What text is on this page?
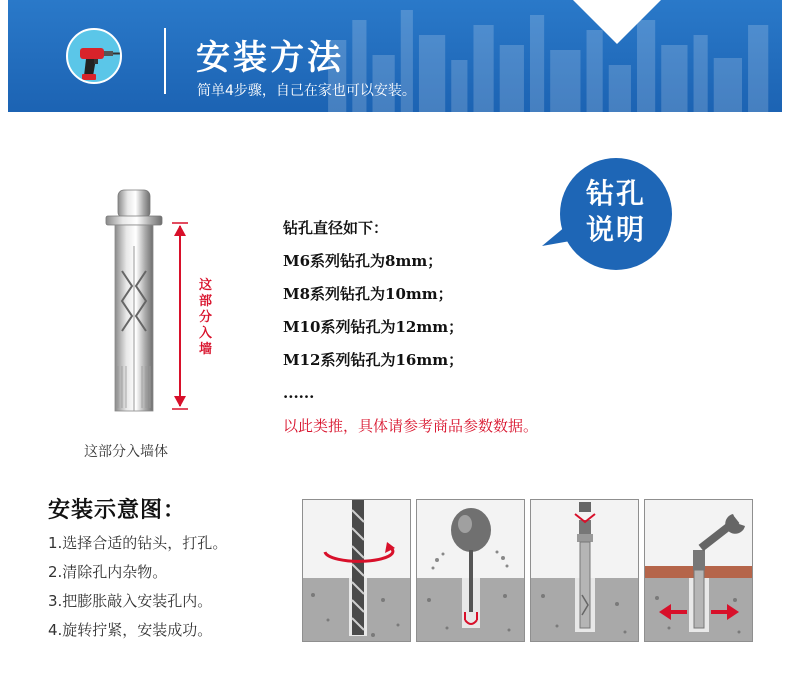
安装方法
简单4步骤，自己在家也可以安装。
这部分入墙
这部分入墙体
钻孔直径如下：
M6系列钻孔为8mm；
M8系列钻孔为10mm；
M10系列钻孔为12mm；
M12系列钻孔为16mm；
......
以此类推，具体请参考商品参数数据。
钻孔
说明
安装示意图：
1.选择合适的钻头，打孔。
2.清除孔内杂物。
3.把膨胀敲入安装孔内。
4.旋转拧紧，安装成功。
